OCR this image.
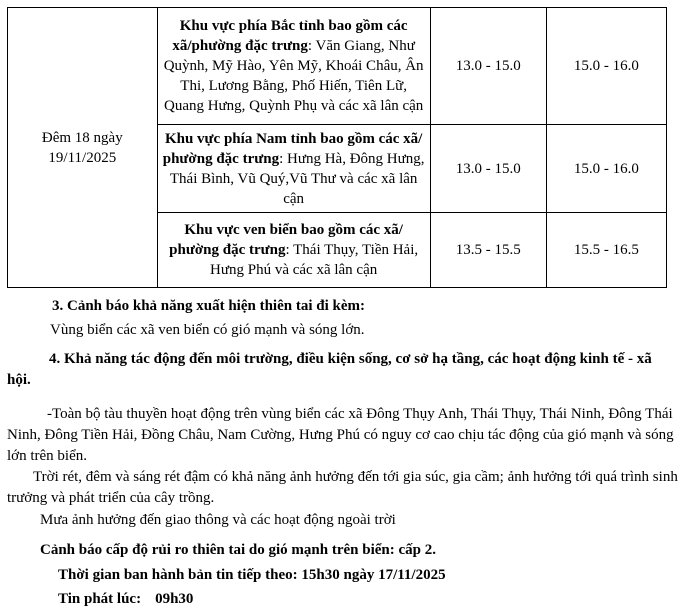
Đêm 18 ngày 19/11/2025	Khu vực phía Bắc tỉnh bao gồm các xã/phường đặc trưng: Văn Giang, Như Quỳnh, Mỹ Hào, Yên Mỹ, Khoái Châu, Ân Thi, Lương Bằng, Phố Hiến, Tiên Lữ, Quang Hưng, Quỳnh Phụ và các xã lân cận	13.0 - 15.0	15.0 - 16.0
	Khu vực phía Nam tỉnh bao gồm các xã/ phường đặc trưng: Hưng Hà, Đông Hưng, Thái Bình, Vũ Quý,Vũ Thư và các xã lân cận	13.0 - 15.0	15.0 - 16.0
	Khu vực ven biển bao gồm các xã/ phường đặc trưng: Thái Thụy, Tiền Hải, Hưng Phú và các xã lân cận	13.5 - 15.5	15.5 - 16.5
3. Cảnh báo khả năng xuất hiện thiên tai đi kèm:
Vùng biển các xã ven biển có gió mạnh và sóng lớn.
4. Khả năng tác động đến môi trường, điều kiện sống, cơ sở hạ tầng, các hoạt động kinh tế - xã hội.
-Toàn bộ tàu thuyền hoạt động trên vùng biển các xã Đông Thụy Anh, Thái Thụy, Thái Ninh, Đông Thái Ninh, Đông Tiền Hải, Đồng Châu, Nam Cường, Hưng Phú có nguy cơ cao chịu tác động của gió mạnh và sóng lớn trên biển.
Trời rét, đêm và sáng rét đậm có khả năng ảnh hưởng đến tới gia súc, gia cầm; ảnh hưởng tới quá trình sinh trưởng và phát triển của cây trồng.
Mưa ảnh hưởng đến giao thông và các hoạt động ngoài trời
Cảnh báo cấp độ rủi ro thiên tai do gió mạnh trên biển: cấp 2.
Thời gian ban hành bản tin tiếp theo: 15h30 ngày 17/11/2025
Tin phát lúc: 09h30
